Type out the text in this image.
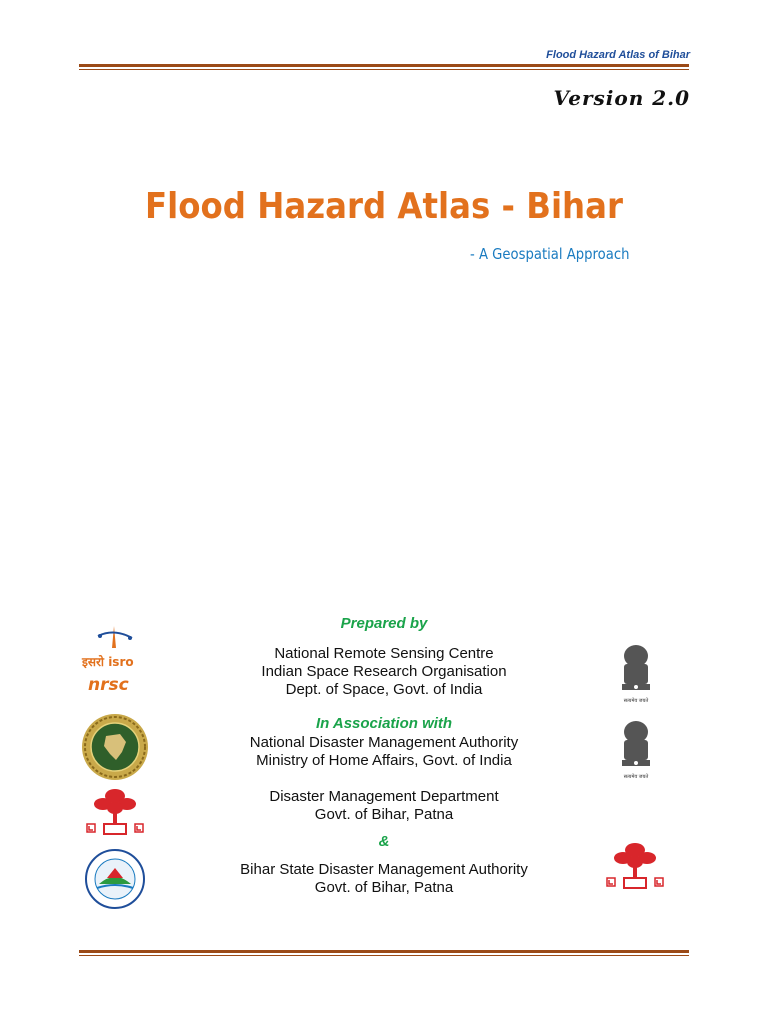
Flood Hazard Atlas of Bihar
Version 2.0
Flood Hazard Atlas - Bihar
- A Geospatial Approach
Prepared by
National Remote Sensing Centre
Indian Space Research Organisation
Dept. of Space, Govt. of India
In Association with
National Disaster Management Authority
Ministry of Home Affairs, Govt. of India
Disaster Management Department
Govt. of Bihar, Patna
&
Bihar State Disaster Management Authority
Govt. of Bihar, Patna
इसरो isro
nrsc
सत्यमेव जयते
सत्यमेव जयते
